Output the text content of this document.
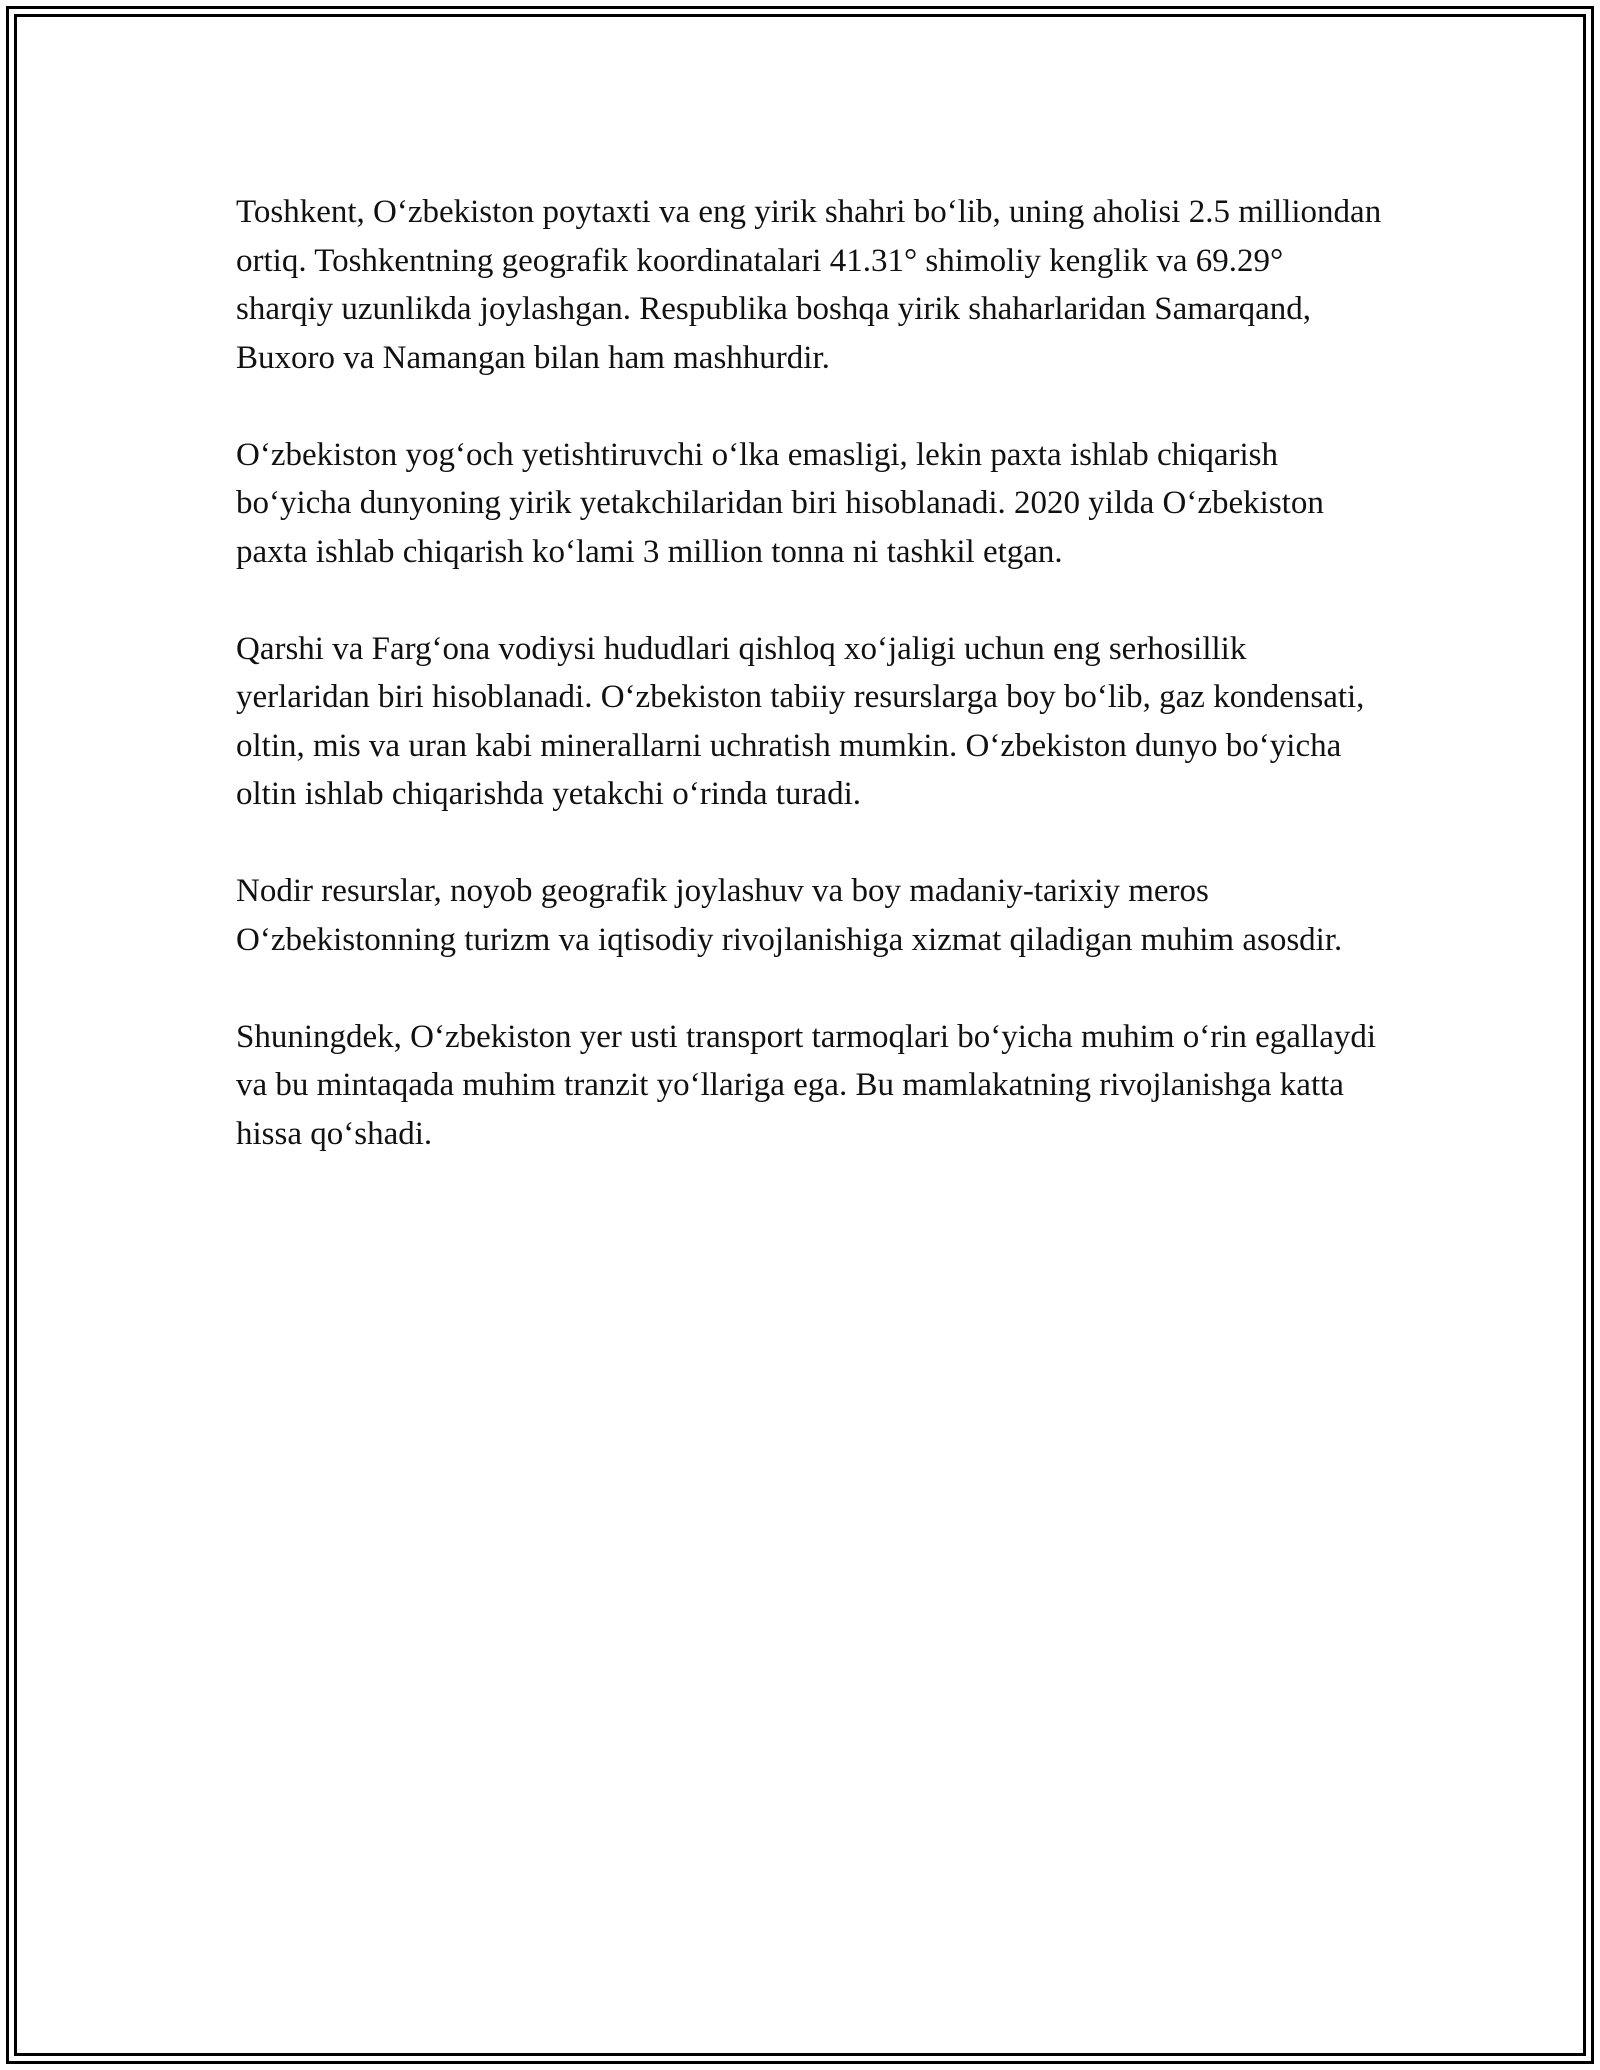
Toshkent, O‘zbekiston poytaxti va eng yirik shahri bo‘lib, uning aholisi 2.5 milliondan ortiq. Toshkentning geografik koordinatalari 41.31° shimoliy kenglik va 69.29° sharqiy uzunlikda joylashgan. Respublika boshqa yirik shaharlaridan Samarqand, Buxoro va Namangan bilan ham mashhurdir.

O‘zbekiston yog‘och yetishtiruvchi o‘lka emasligi, lekin paxta ishlab chiqarish bo‘yicha dunyoning yirik yetakchilaridan biri hisoblanadi. 2020 yilda O‘zbekiston paxta ishlab chiqarish ko‘lami 3 million tonna ni tashkil etgan.

Qarshi va Farg‘ona vodiysi hududlari qishloq xo‘jaligi uchun eng serhosillik yerlaridan biri hisoblanadi. O‘zbekiston tabiiy resurslarga boy bo‘lib, gaz kondensati, oltin, mis va uran kabi minerallarni uchratish mumkin. O‘zbekiston dunyo bo‘yicha oltin ishlab chiqarishda yetakchi o‘rinda turadi.

Nodir resurslar, noyob geografik joylashuv va boy madaniy-tarixiy meros O‘zbekistonning turizm va iqtisodiy rivojlanishiga xizmat qiladigan muhim asosdir.

Shuningdek, O‘zbekiston yer usti transport tarmoqlari bo‘yicha muhim o‘rin egallaydi va bu mintaqada muhim tranzit yo‘llariga ega. Bu mamlakatning rivojlanishga katta hissa qo‘shadi.
